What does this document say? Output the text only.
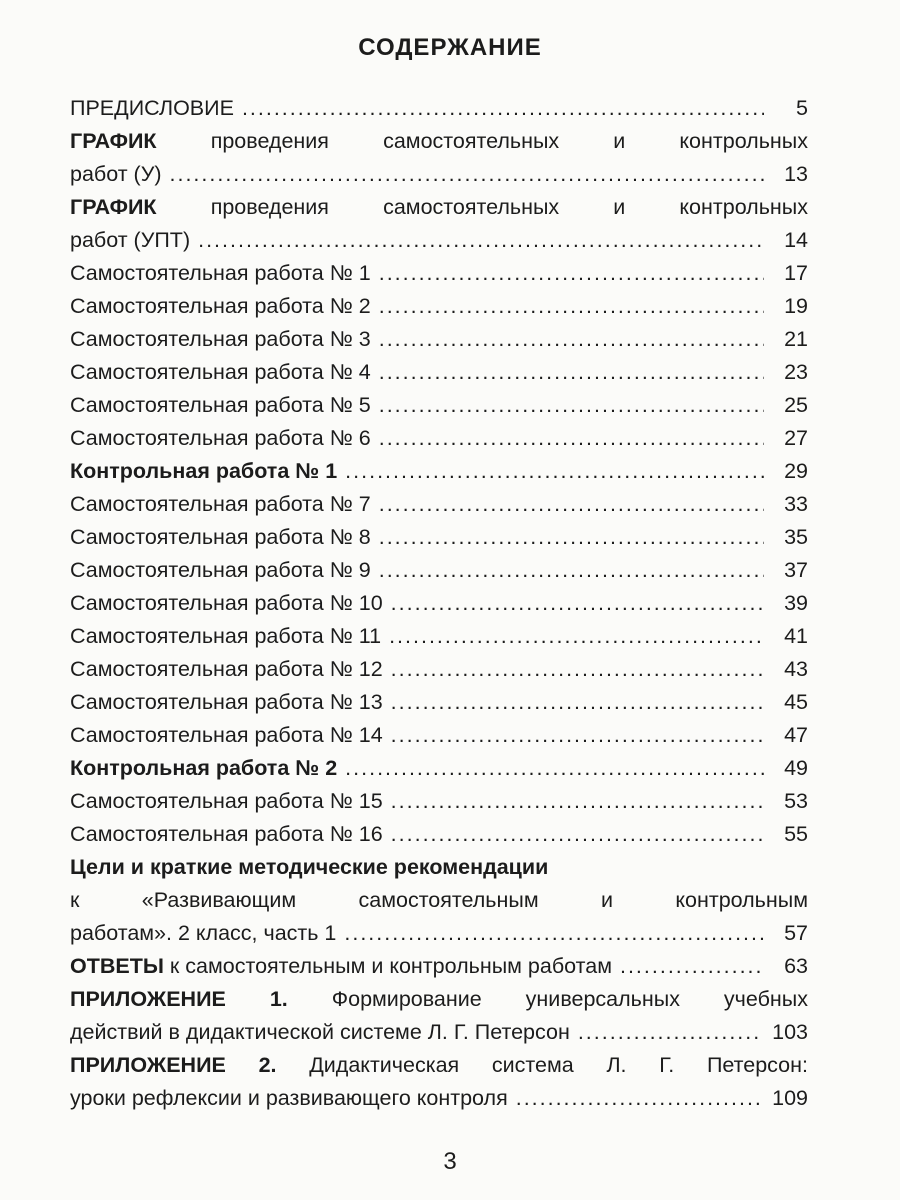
СОДЕРЖАНИЕ
ПРЕДИСЛОВИЕ .....	5
ГРАФИК	проведения самостоятельных и контрольных
работ (У) .....	13
ГРАФИК	проведения самостоятельных и контрольных
работ (УПТ) .....	14
Самостоятельная работа № 1 .....	17
Самостоятельная работа № 2 .....	19
Самостоятельная работа № 3 .....	21
Самостоятельная работа № 4 .....	23
Самостоятельная работа № 5 .....	25
Самостоятельная работа № 6 .....	27
Контрольная работа № 1 .....	29
Самостоятельная работа № 7 .....	33
Самостоятельная работа № 8 .....	35
Самостоятельная работа № 9 .....	37
Самостоятельная работа № 10 .....	39
Самостоятельная работа № 11 .....	41
Самостоятельная работа № 12 .....	43
Самостоятельная работа № 13 .....	45
Самостоятельная работа № 14 .....	47
Контрольная работа № 2 .....	49
Самостоятельная работа № 15 .....	53
Самостоятельная работа № 16 .....	55
Цели и краткие методические рекомендации
к «Развивающим самостоятельным и контрольным
работам». 2 класс, часть 1 .....	57
ОТВЕТЫ к самостоятельным и контрольным работам .....	63
ПРИЛОЖЕНИЕ 1. Формирование универсальных учебных
действий в дидактической системе Л. Г. Петерсон .....	103
ПРИЛОЖЕНИЕ 2. Дидактическая система Л. Г. Петерсон:
уроки рефлексии и развивающего контроля .....	109
3
